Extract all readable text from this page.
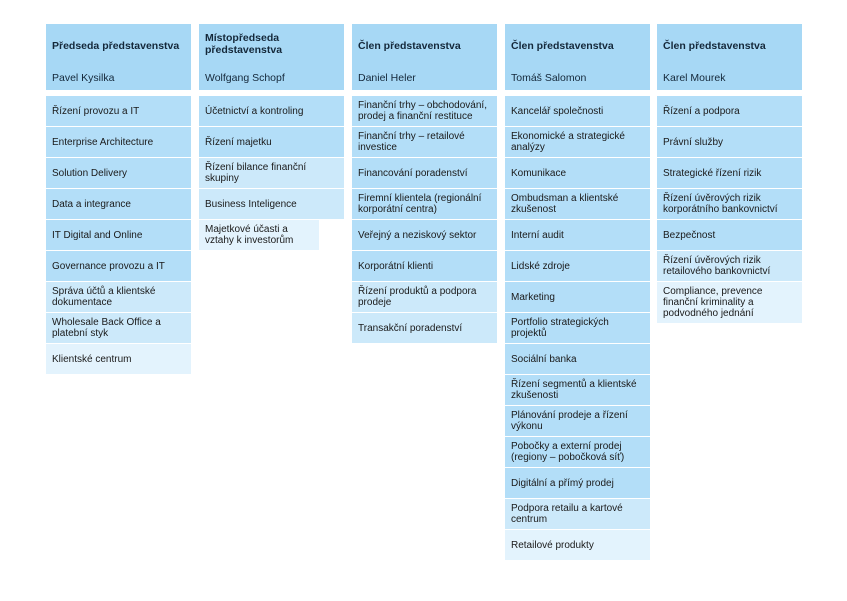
Předseda představenstva
Pavel Kysilka
Řízení provozu a IT
Enterprise Architecture
Solution Delivery
Data a integrance
IT Digital and Online
Governance provozu a IT
Správa účtů a klientské dokumentace
Wholesale Back Office a platební styk
Klientské centrum
Místopředseda představenstva
Wolfgang Schopf
Účetnictví a kontroling
Řízení majetku
Řízení bilance finanční skupiny
Business Inteligence
Majetkové účasti a vztahy k investorům
Člen představenstva
Daniel Heler
Finanční trhy – obchodování, prodej a finanční restituce
Finanční trhy – retailové investice
Financování poradenství
Firemní klientela (regionální korporátní centra)
Veřejný a neziskový sektor
Korporátní klienti
Řízení produktů a podpora prodeje
Transakční poradenství
Člen představenstva
Tomáš Salomon
Kancelář společnosti
Ekonomické a strategické analýzy
Komunikace
Ombudsman a klientské zkušenost
Interní audit
Lidské zdroje
Marketing
Portfolio strategických projektů
Sociální banka
Řízení segmentů a klientské zkušenosti
Plánování prodeje a řízení výkonu
Pobočky a externí prodej (regiony – pobočková síť)
Digitální a přímý prodej
Podpora retailu a kartové centrum
Retailové produkty
Člen představenstva
Karel Mourek
Řízení a podpora
Právní služby
Strategické řízení rizik
Řízení úvěrových rizik korporátního bankovnictví
Bezpečnost
Řízení úvěrových rizik retailového bankovnictví
Compliance, prevence finanční kriminality a podvodného jednání
